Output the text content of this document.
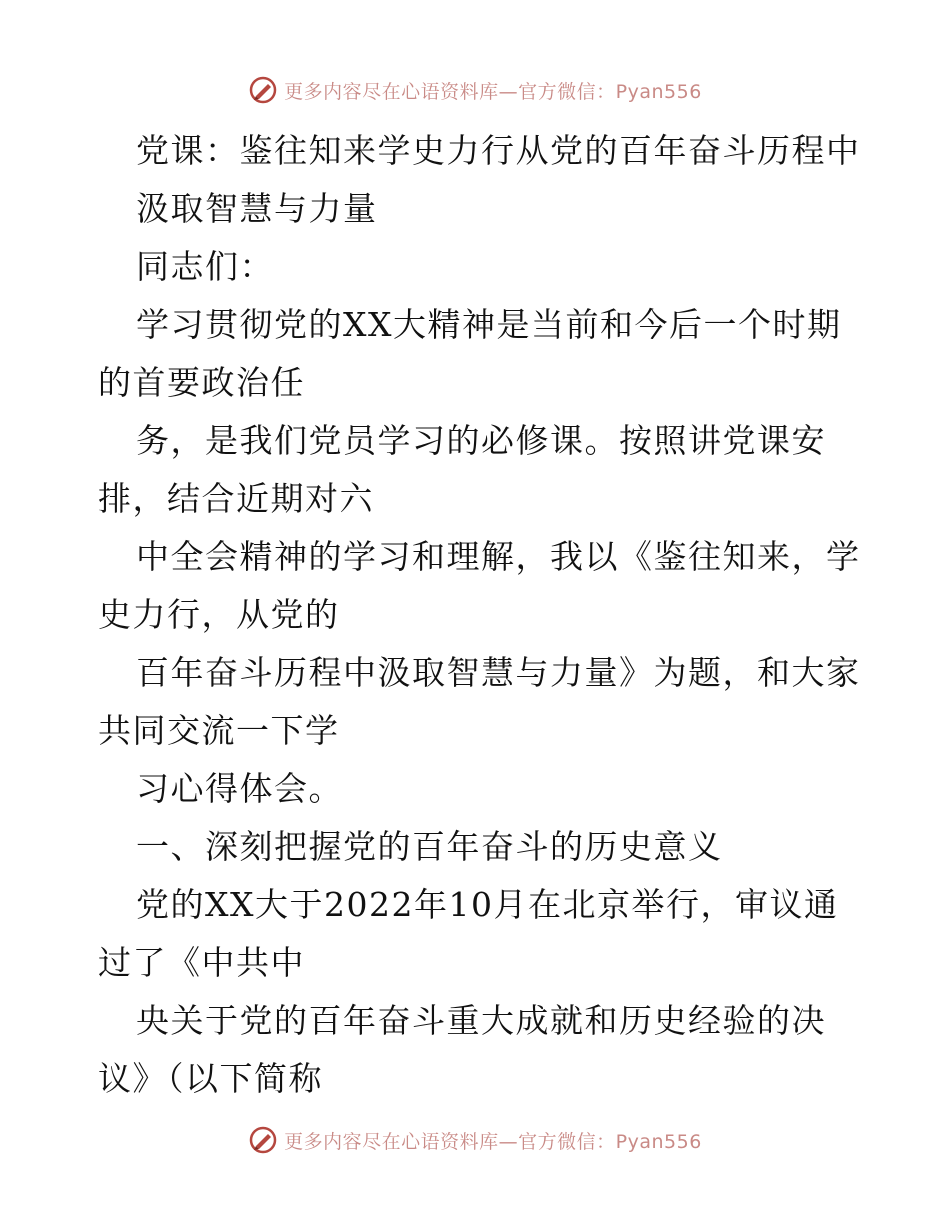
更多内容尽在心语资料库—官方微信：Pyan556
党课：鉴往知来学史力行从党的百年奋斗历程中
汲取智慧与力量
同志们：
学习贯彻党的XX大精神是当前和今后一个时期
的首要政治任
务，是我们党员学习的必修课。按照讲党课安
排，结合近期对六
中全会精神的学习和理解，我以《鉴往知来，学
史力行，从党的
百年奋斗历程中汲取智慧与力量》为题，和大家
共同交流一下学
习心得体会。
一、深刻把握党的百年奋斗的历史意义
党的XX大于2022年10月在北京举行，审议通
过了《中共中
央关于党的百年奋斗重大成就和历史经验的决
议》（以下简称
更多内容尽在心语资料库—官方微信：Pyan556
